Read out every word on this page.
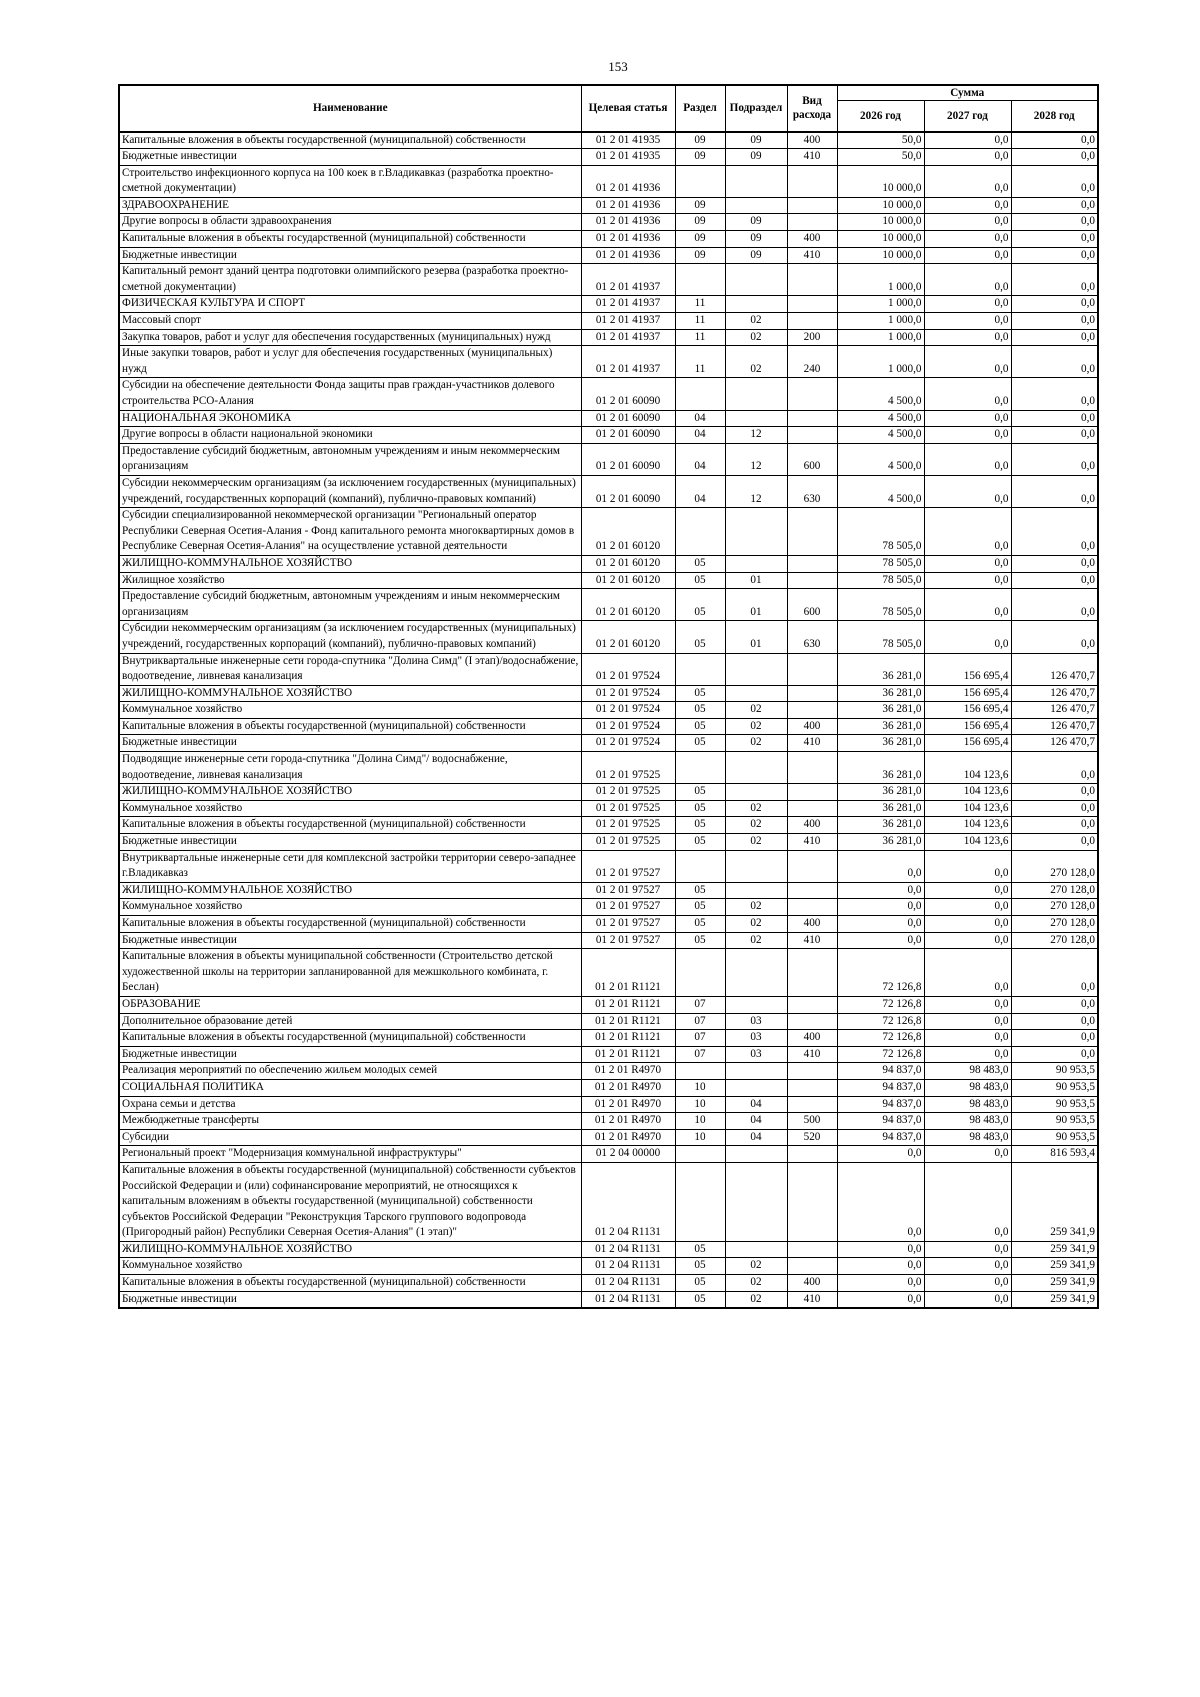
153
Наименование	Целевая статья	Раздел	Подраздел	Вид расхода	Сумма		
					2026 год	2027 год	2028 год
Капитальные вложения в объекты государственной (муниципальной) собственности	01 2 01 41935	09	09	400	50,0	0,0	0,0
Бюджетные инвестиции	01 2 01 41935	09	09	410	50,0	0,0	0,0
Строительство инфекционного корпуса на 100 коек в г.Владикавказ (разработка проектно-сметной документации)	01 2 01 41936				10 000,0	0,0	0,0
ЗДРАВООХРАНЕНИЕ	01 2 01 41936	09			10 000,0	0,0	0,0
Другие вопросы в области здравоохранения	01 2 01 41936	09	09		10 000,0	0,0	0,0
Капитальные вложения в объекты государственной (муниципальной) собственности	01 2 01 41936	09	09	400	10 000,0	0,0	0,0
Бюджетные инвестиции	01 2 01 41936	09	09	410	10 000,0	0,0	0,0
Капитальный ремонт зданий центра подготовки олимпийского резерва (разработка проектно-сметной документации)	01 2 01 41937				1 000,0	0,0	0,0
ФИЗИЧЕСКАЯ КУЛЬТУРА И СПОРТ	01 2 01 41937	11			1 000,0	0,0	0,0
Массовый спорт	01 2 01 41937	11	02		1 000,0	0,0	0,0
Закупка товаров, работ и услуг для обеспечения государственных (муниципальных) нужд	01 2 01 41937	11	02	200	1 000,0	0,0	0,0
Иные закупки товаров, работ и услуг для обеспечения государственных (муниципальных) нужд	01 2 01 41937	11	02	240	1 000,0	0,0	0,0
Субсидии на обеспечение деятельности Фонда защиты прав граждан-участников долевого строительства РСО-Алания	01 2 01 60090				4 500,0	0,0	0,0
НАЦИОНАЛЬНАЯ ЭКОНОМИКА	01 2 01 60090	04			4 500,0	0,0	0,0
Другие вопросы в области национальной экономики	01 2 01 60090	04	12		4 500,0	0,0	0,0
Предоставление субсидий бюджетным, автономным учреждениям и иным некоммерческим организациям	01 2 01 60090	04	12	600	4 500,0	0,0	0,0
Субсидии некоммерческим организациям (за исключением государственных (муниципальных) учреждений, государственных корпораций (компаний), публично-правовых компаний)	01 2 01 60090	04	12	630	4 500,0	0,0	0,0
Субсидии специализированной некоммерческой организации "Региональный оператор Республики Северная Осетия-Алания - Фонд капитального ремонта многоквартирных домов в Республике Северная Осетия-Алания" на осуществление уставной деятельности	01 2 01 60120				78 505,0	0,0	0,0
ЖИЛИЩНО-КОММУНАЛЬНОЕ ХОЗЯЙСТВО	01 2 01 60120	05			78 505,0	0,0	0,0
Жилищное хозяйство	01 2 01 60120	05	01		78 505,0	0,0	0,0
Предоставление субсидий бюджетным, автономным учреждениям и иным некоммерческим организациям	01 2 01 60120	05	01	600	78 505,0	0,0	0,0
Субсидии некоммерческим организациям (за исключением государственных (муниципальных) учреждений, государственных корпораций (компаний), публично-правовых компаний)	01 2 01 60120	05	01	630	78 505,0	0,0	0,0
Внутриквартальные инженерные сети города-спутника "Долина Симд" (I этап)/водоснабжение, водоотведение, ливневая канализация	01 2 01 97524				36 281,0	156 695,4	126 470,7
ЖИЛИЩНО-КОММУНАЛЬНОЕ ХОЗЯЙСТВО	01 2 01 97524	05			36 281,0	156 695,4	126 470,7
Коммунальное хозяйство	01 2 01 97524	05	02		36 281,0	156 695,4	126 470,7
Капитальные вложения в объекты государственной (муниципальной) собственности	01 2 01 97524	05	02	400	36 281,0	156 695,4	126 470,7
Бюджетные инвестиции	01 2 01 97524	05	02	410	36 281,0	156 695,4	126 470,7
Подводящие инженерные сети города-спутника "Долина Симд"/ водоснабжение, водоотведение, ливневая канализация	01 2 01 97525				36 281,0	104 123,6	0,0
ЖИЛИЩНО-КОММУНАЛЬНОЕ ХОЗЯЙСТВО	01 2 01 97525	05			36 281,0	104 123,6	0,0
Коммунальное хозяйство	01 2 01 97525	05	02		36 281,0	104 123,6	0,0
Капитальные вложения в объекты государственной (муниципальной) собственности	01 2 01 97525	05	02	400	36 281,0	104 123,6	0,0
Бюджетные инвестиции	01 2 01 97525	05	02	410	36 281,0	104 123,6	0,0
Внутриквартальные инженерные сети для комплексной застройки территории северо-западнее г.Владикавказ	01 2 01 97527				0,0	0,0	270 128,0
ЖИЛИЩНО-КОММУНАЛЬНОЕ ХОЗЯЙСТВО	01 2 01 97527	05			0,0	0,0	270 128,0
Коммунальное хозяйство	01 2 01 97527	05	02		0,0	0,0	270 128,0
Капитальные вложения в объекты государственной (муниципальной) собственности	01 2 01 97527	05	02	400	0,0	0,0	270 128,0
Бюджетные инвестиции	01 2 01 97527	05	02	410	0,0	0,0	270 128,0
Капитальные вложения в объекты муниципальной собственности (Строительство детской художественной школы на территории запланированной для межшкольного комбината, г. Беслан)	01 2 01 R1121				72 126,8	0,0	0,0
ОБРАЗОВАНИЕ	01 2 01 R1121	07			72 126,8	0,0	0,0
Дополнительное образование детей	01 2 01 R1121	07	03		72 126,8	0,0	0,0
Капитальные вложения в объекты государственной (муниципальной) собственности	01 2 01 R1121	07	03	400	72 126,8	0,0	0,0
Бюджетные инвестиции	01 2 01 R1121	07	03	410	72 126,8	0,0	0,0
Реализация мероприятий по обеспечению жильем молодых семей	01 2 01 R4970				94 837,0	98 483,0	90 953,5
СОЦИАЛЬНАЯ ПОЛИТИКА	01 2 01 R4970	10			94 837,0	98 483,0	90 953,5
Охрана семьи и детства	01 2 01 R4970	10	04		94 837,0	98 483,0	90 953,5
Межбюджетные трансферты	01 2 01 R4970	10	04	500	94 837,0	98 483,0	90 953,5
Субсидии	01 2 01 R4970	10	04	520	94 837,0	98 483,0	90 953,5
Региональный проект "Модернизация коммунальной инфраструктуры"	01 2 04 00000				0,0	0,0	816 593,4
Капитальные вложения в объекты государственной (муниципальной) собственности субъектов Российской Федерации и (или) софинансирование мероприятий, не относящихся к капитальным вложениям в объекты государственной (муниципальной) собственности субъектов Российской Федерации "Реконструкция Тарского группового водопровода (Пригородный район) Республики Северная Осетия-Алания" (1 этап)"	01 2 04 R1131				0,0	0,0	259 341,9
ЖИЛИЩНО-КОММУНАЛЬНОЕ ХОЗЯЙСТВО	01 2 04 R1131	05			0,0	0,0	259 341,9
Коммунальное хозяйство	01 2 04 R1131	05	02		0,0	0,0	259 341,9
Капитальные вложения в объекты государственной (муниципальной) собственности	01 2 04 R1131	05	02	400	0,0	0,0	259 341,9
Бюджетные инвестиции	01 2 04 R1131	05	02	410	0,0	0,0	259 341,9
